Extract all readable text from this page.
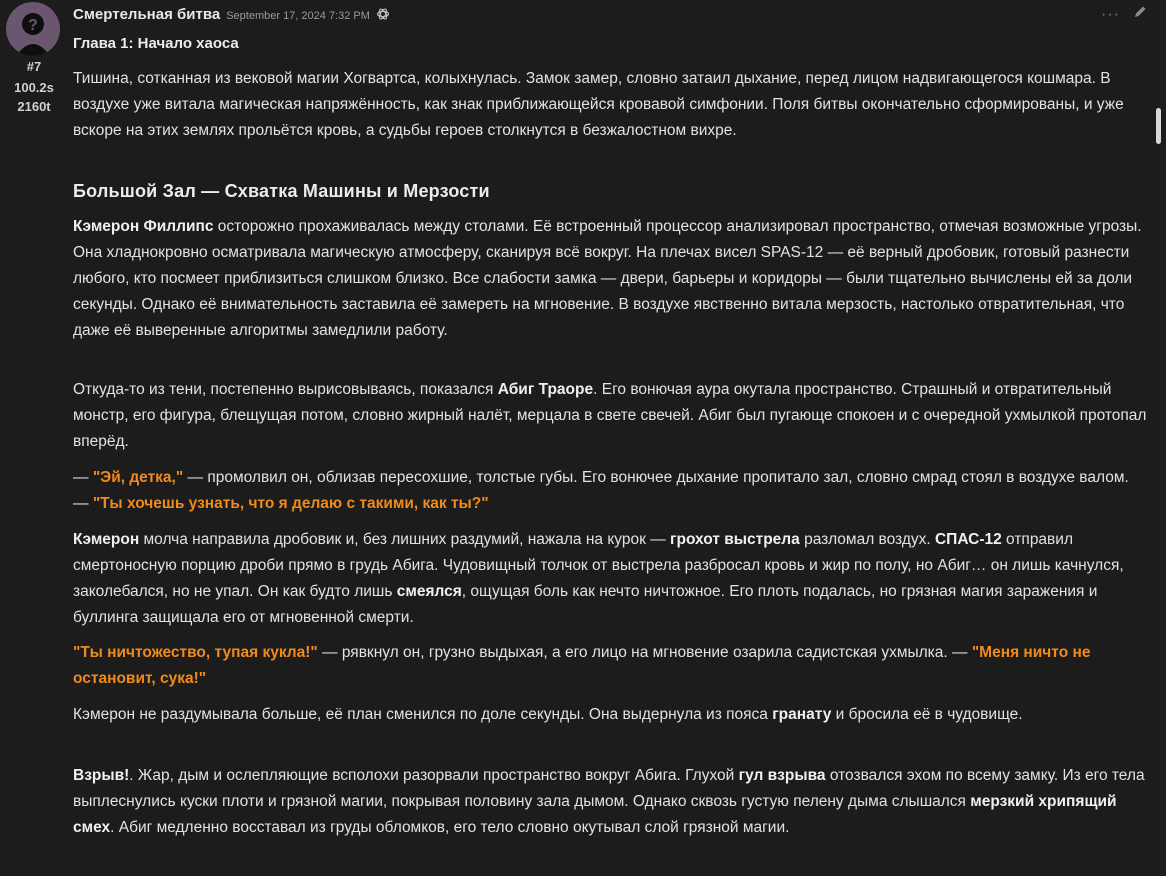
?
#7
100.2s
2160t
Смертельная битва September 17, 2024 7:32 PM	···
Глава 1: Начало хаоса
Тишина, сотканная из вековой магии Хогвартса, колыхнулась. Замок замер, словно затаил дыхание, перед лицом надвигающегося кошмара. В воздухе уже витала магическая напряжённость, как знак приближающейся кровавой симфонии. Поля битвы окончательно сформированы, и уже вскоре на этих землях прольётся кровь, а судьбы героев столкнутся в безжалостном вихре.
Большой Зал — Схватка Машины и Мерзости
Кэмерон Филлипс осторожно прохаживалась между столами. Её встроенный процессор анализировал пространство, отмечая возможные угрозы. Она хладнокровно осматривала магическую атмосферу, сканируя всё вокруг. На плечах висел SPAS-12 — её верный дробовик, готовый разнести любого, кто посмеет приблизиться слишком близко. Все слабости замка — двери, барьеры и коридоры — были тщательно вычислены ей за доли секунды. Однако её внимательность заставила её замереть на мгновение. В воздухе явственно витала мерзость, настолько отвратительная, что даже её выверенные алгоритмы замедлили работу.
Откуда-то из тени, постепенно вырисовываясь, показался Абиг Траоре. Его вонючая аура окутала пространство. Страшный и отвратительный монстр, его фигура, блещущая потом, словно жирный налёт, мерцала в свете свечей. Абиг был пугающе спокоен и с очередной ухмылкой протопал вперёд.
— "Эй, детка," — промолвил он, облизав пересохшие, толстые губы. Его вонючее дыхание пропитало зал, словно смрад стоял в воздухе валом. — "Ты хочешь узнать, что я делаю с такими, как ты?"
Кэмерон молча направила дробовик и, без лишних раздумий, нажала на курок — грохот выстрела разломал воздух. СПАС-12 отправил смертоносную порцию дроби прямо в грудь Абига. Чудовищный толчок от выстрела разбросал кровь и жир по полу, но Абиг… он лишь качнулся, заколебался, но не упал. Он как будто лишь смеялся, ощущая боль как нечто ничтожное. Его плоть подалась, но грязная магия заражения и буллинга защищала его от мгновенной смерти.
"Ты ничтожество, тупая кукла!" — рявкнул он, грузно выдыхая, а его лицо на мгновение озарила садистская ухмылка. — "Меня ничто не остановит, сука!"
Кэмерон не раздумывала больше, её план сменился по доле секунды. Она выдернула из пояса гранату и бросила её в чудовище.
Взрыв!. Жар, дым и ослепляющие всполохи разорвали пространство вокруг Абига. Глухой гул взрыва отозвался эхом по всему замку. Из его тела выплеснулись куски плоти и грязной магии, покрывая половину зала дымом. Однако сквозь густую пелену дыма слышался мерзкий хрипящий смех. Абиг медленно восставал из груды обломков, его тело словно окутывал слой грязной магии.
